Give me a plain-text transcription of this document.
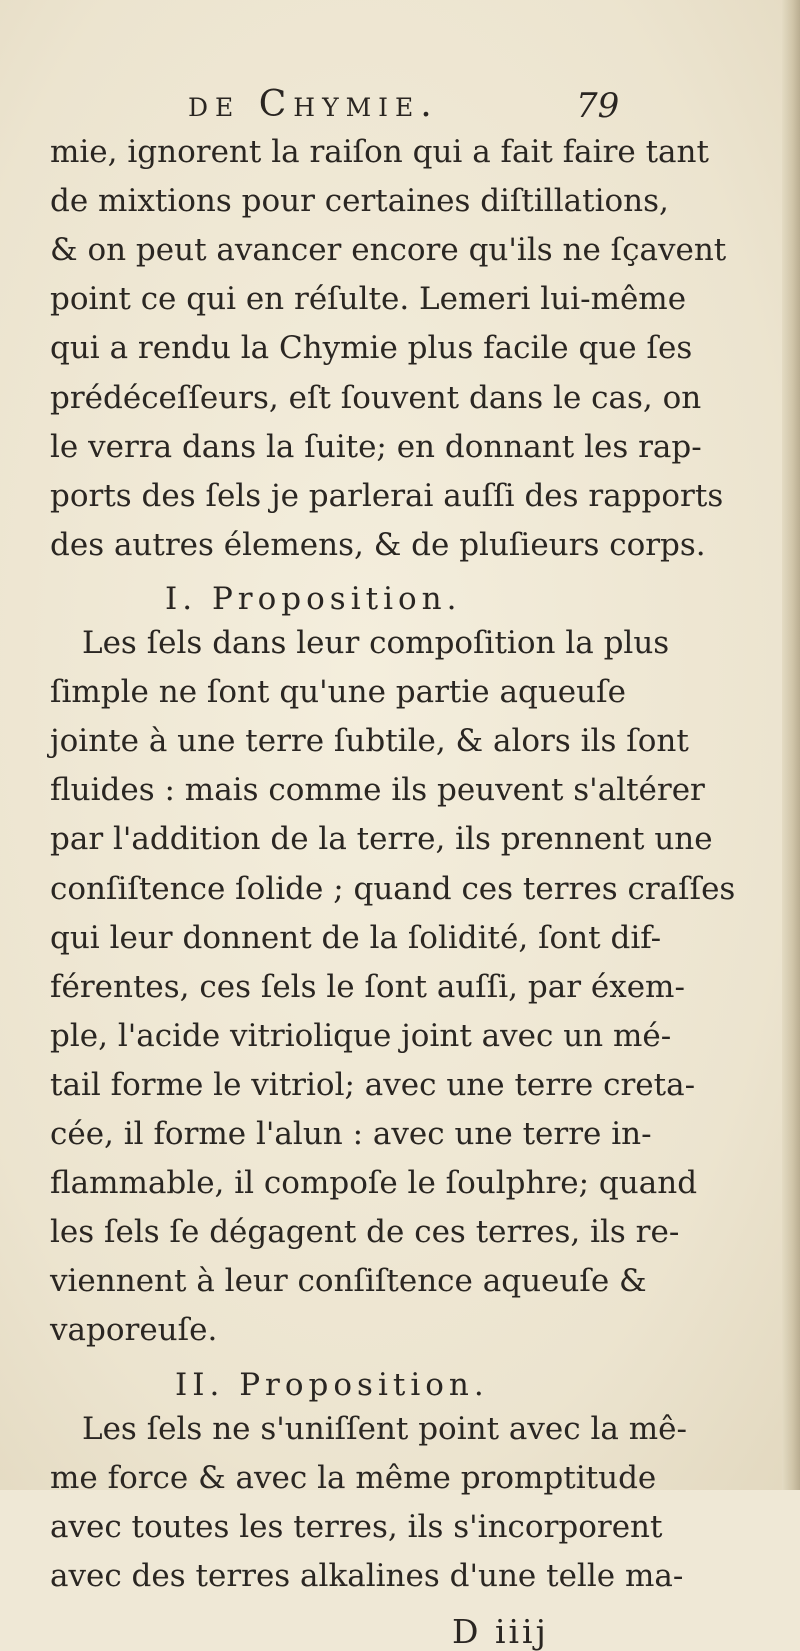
de Chymie.	79
mie, ignorent la raiſon qui a fait faire tant
de mixtions pour certaines diſtillations,
& on peut avancer encore qu'ils ne ſçavent
point ce qui en réſulte. Lemeri lui-même
qui a rendu la Chymie plus facile que ſes
prédéceſſeurs, eſt ſouvent dans le cas, on
le verra dans la ſuite; en donnant les rap-
ports des ſels je parlerai auſſi des rapports
des autres élemens, & de pluſieurs corps.
I. Proposition.
Les ſels dans leur compoſition la plus
ſimple ne ſont qu'une partie aqueuſe
jointe à une terre ſubtile, & alors ils ſont
fluides : mais comme ils peuvent s'altérer
par l'addition de la terre, ils prennent une
conſiſtence ſolide ; quand ces terres craſſes
qui leur donnent de la ſolidité, ſont dif-
férentes, ces ſels le ſont auſſi, par éxem-
ple, l'acide vitriolique joint avec un mé-
tail forme le vitriol; avec une terre creta-
cée, il forme l'alun : avec une terre in-
flammable, il compoſe le ſoulphre; quand
les ſels ſe dégagent de ces terres, ils re-
viennent à leur conſiſtence aqueuſe &
vaporeuſe.
II. Proposition.
Les ſels ne s'uniſſent point avec la mê-
me force & avec la même promptitude
avec toutes les terres, ils s'incorporent
avec des terres alkalines d'une telle ma-
D iiij
